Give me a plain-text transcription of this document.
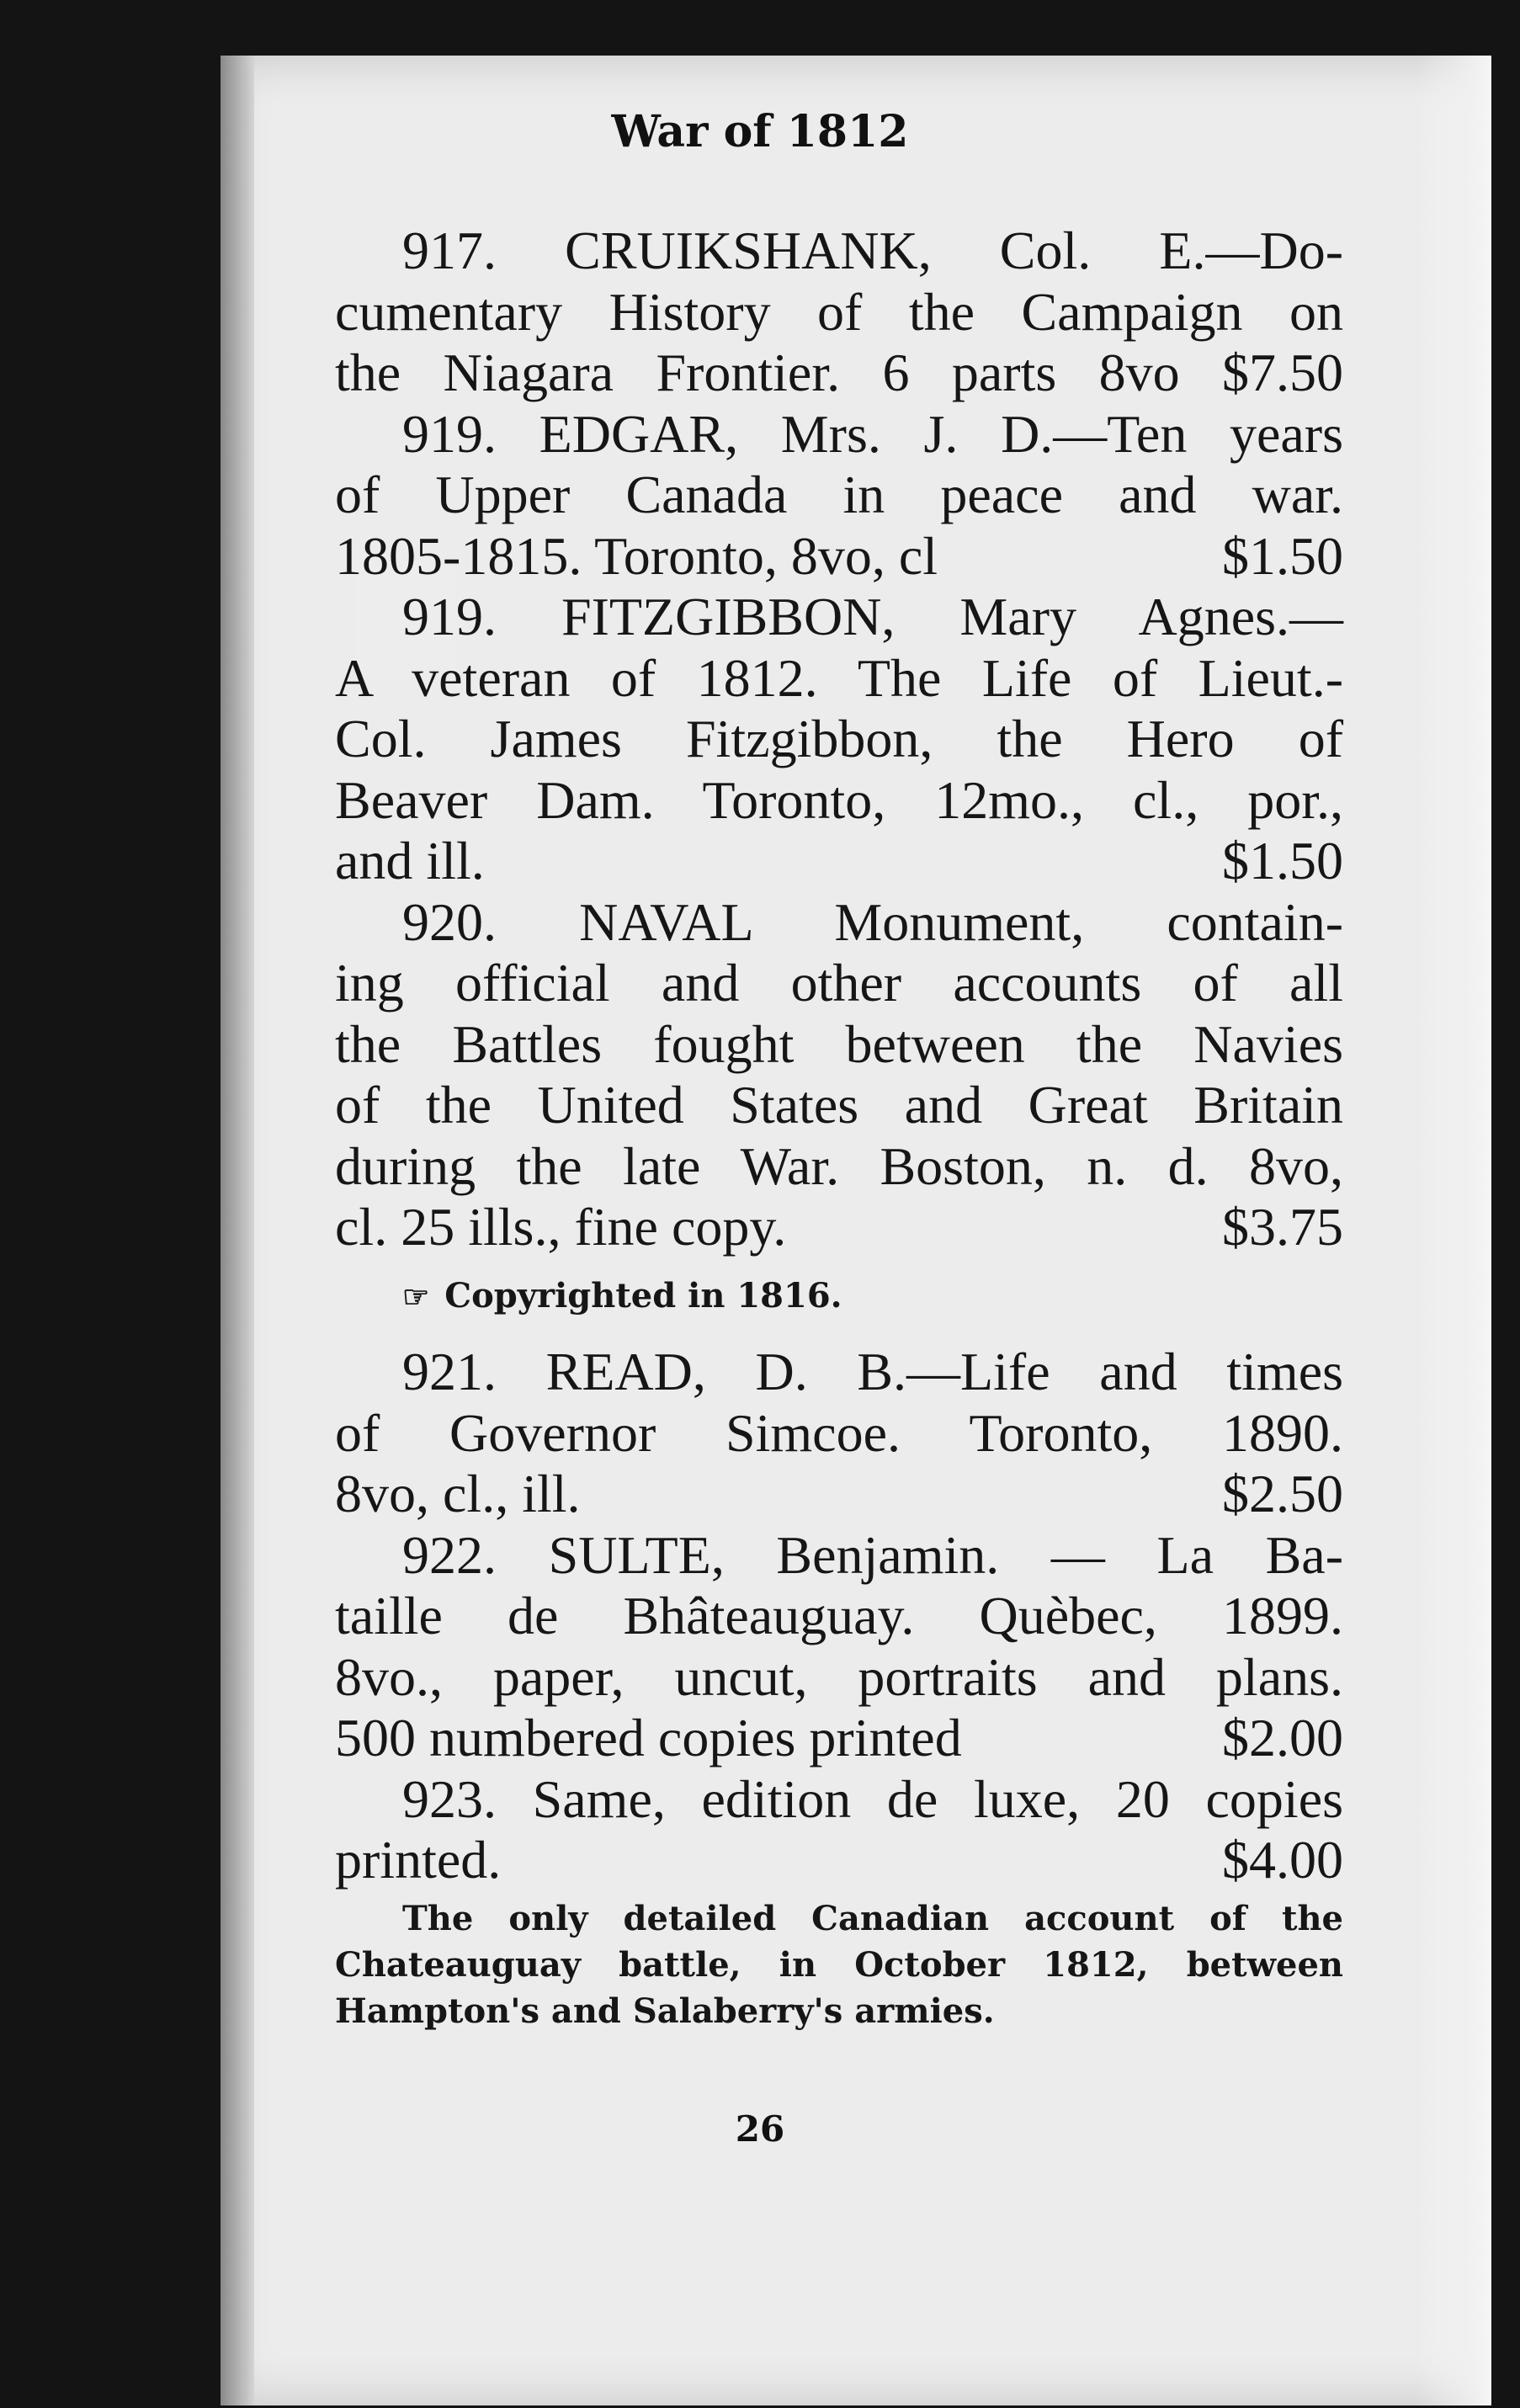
War of 1812
917. CRUIKSHANK, Col. E.—Do-
cumentary History of the Campaign on
the Niagara Frontier. 6 parts 8vo $7.50
919. EDGAR, Mrs. J. D.—Ten years
of Upper Canada in peace and war.
1805-1815. Toronto, 8vo, cl	$1.50
919. FITZGIBBON, Mary Agnes.—
A veteran of 1812. The Life of Lieut.-
Col. James Fitzgibbon, the Hero of
Beaver Dam. Toronto, 12mo., cl., por.,
and ill.	$1.50
920. NAVAL Monument, contain-
ing official and other accounts of all
the Battles fought between the Navies
of the United States and Great Britain
during the late War. Boston, n. d. 8vo,
cl. 25 ills., fine copy.	$3.75
☞ Copyrighted in 1816.
921. READ, D. B.—Life and times
of Governor Simcoe. Toronto, 1890.
8vo, cl., ill.	$2.50
922. SULTE, Benjamin. — La Ba-
taille de Bhâteauguay. Quèbec, 1899.
8vo., paper, uncut, portraits and plans.
500 numbered copies printed	$2.00
923. Same, edition de luxe, 20 copies
printed.	$4.00
The only detailed Canadian account of the Chateauguay battle, in October 1812, between Hampton's and Salaberry's armies.
26
